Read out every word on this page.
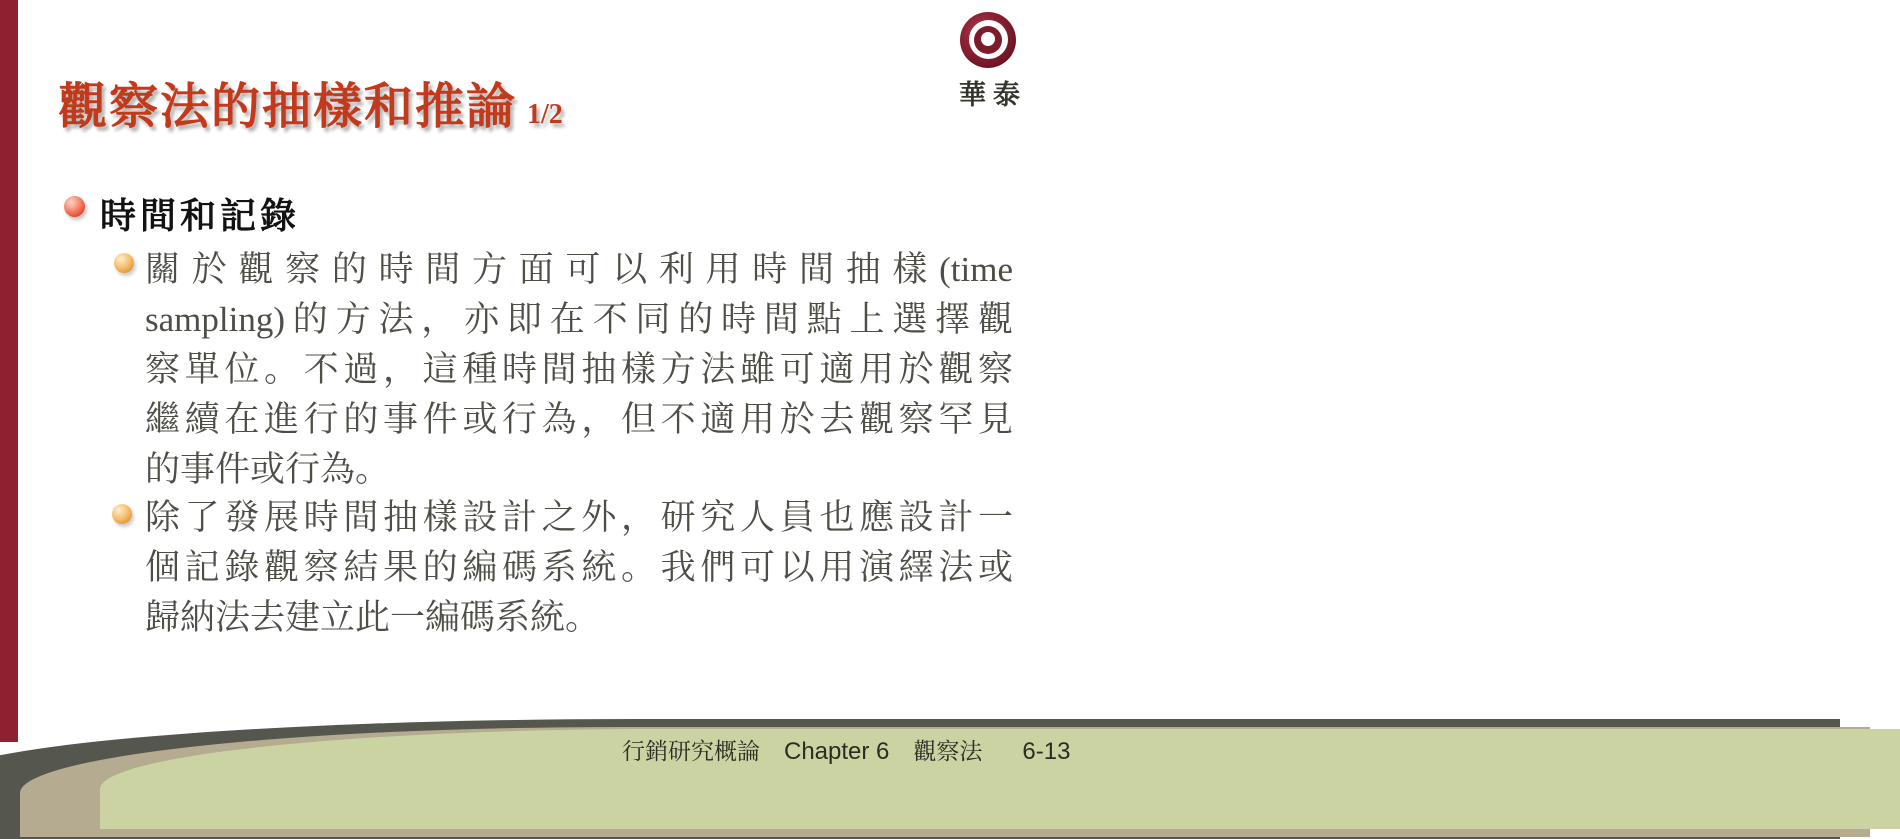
華泰
觀察法的抽樣和推論 1/2
時間和記錄
關於觀察的時間方面可以利用時間抽樣(time
sampling)的方法，亦即在不同的時間點上選擇觀
察單位。不過，這種時間抽樣方法雖可適用於觀察
繼續在進行的事件或行為，但不適用於去觀察罕見
的事件或行為。
除了發展時間抽樣設計之外，研究人員也應設計一
個記錄觀察結果的編碼系統。我們可以用演繹法或
歸納法去建立此一編碼系統。
行銷研究概論 Chapter 6 觀察法 6-13
